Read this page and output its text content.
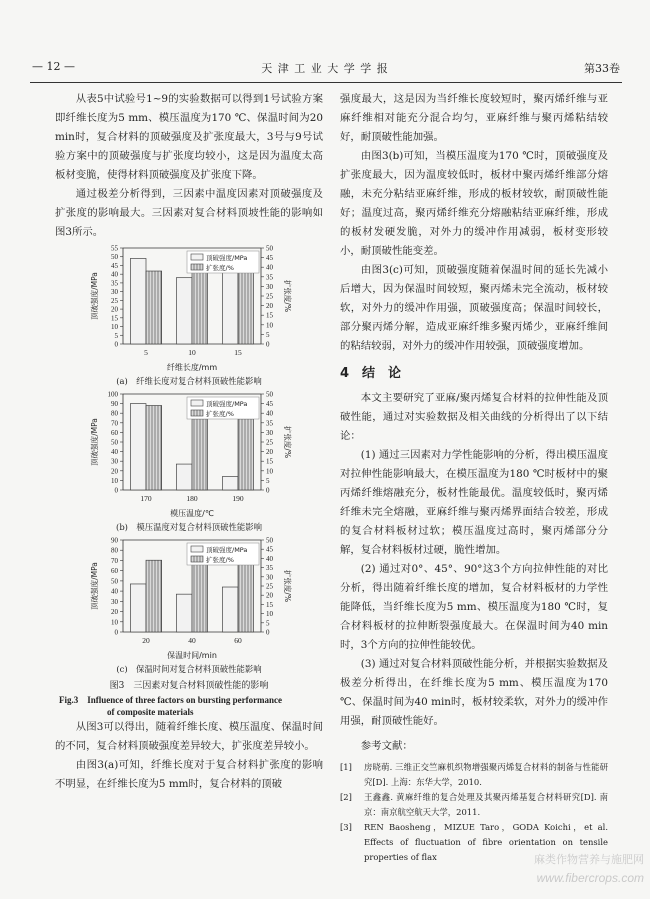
— 12 —	天 津 工 业 大 学 学 报	第33卷

从表5中试验号1~9的实验数据可以得到1号试验方案即纤维长度为5 mm、模压温度为170 ℃、保温时间为20 min时，复合材料的顶破强度及扩张度最大，3号与9号试验方案中的顶破强度与扩张度均较小，这是因为温度太高板材变脆，使得材料顶破强度及扩张度下降。

通过极差分析得到，三因素中温度因素对顶破强度及扩张度的影响最大。三因素对复合材料顶坡性能的影响如图3所示。

0
5
10
15
20
25
30
35
40
45
50
55
0
5
10
15
20
25
30
35
40
45
50
顶破强度/MPa	扩张度/%
纤维长度/mm
5	10	15
顶破强度/MPa
扩张度/%
(a)　纤维长度对复合材料顶破性能影响
0
10
20
30
40
50
60
70
80
90
100
0
5
10
15
20
25
30
35
40
45
50
顶破强度/MPa	扩张度/%
模压温度/℃
170	180	190
顶破强度/MPa
扩张度/%
(b)　模压温度对复合材料顶破性能影响
0
10
20
30
40
50
60
70
80
90
0
5
10
15
20
25
30
35
40
45
50
顶破强度/MPa	扩张度/%
保温时间/min
20	40	60
顶破强度/MPa
扩张度/%
(c)　保温时间对复合材料顶破性能影响
图3　三因素对复合材料顶破性能的影响
Fig.3　Influence of three factors on bursting performance
of composite materials

从图3可以得出，随着纤维长度、模压温度、保温时间的不同，复合材料顶破强度差异较大，扩张度差异较小。

由图3(a)可知，纤维长度对于复合材料扩张度的影响不明显，在纤维长度为5 mm时，复合材料的顶破

强度最大，这是因为当纤维长度较短时，聚丙烯纤维与亚麻纤维相对能充分混合均匀，亚麻纤维与聚丙烯粘结较好，耐顶破性能加强。

由图3(b)可知，当模压温度为170 ℃时，顶破强度及扩张度最大，因为温度较低时，板材中聚丙烯纤维部分熔融，未充分粘结亚麻纤维，形成的板材较软，耐顶破性能好；温度过高，聚丙烯纤维充分熔融粘结亚麻纤维，形成的板材发硬发脆，对外力的缓冲作用减弱，板材变形较小，耐顶破性能变差。

由图3(c)可知，顶破强度随着保温时间的延长先减小后增大，因为保温时间较短，聚丙烯未完全流动，板材较软，对外力的缓冲作用强，顶破强度高；保温时间较长，部分聚丙烯分解，造成亚麻纤维多聚丙烯少，亚麻纤维间的粘结较弱，对外力的缓冲作用较强，顶破强度增加。

4　结　论

本文主要研究了亚麻/聚丙烯复合材料的拉伸性能及顶破性能，通过对实验数据及相关曲线的分析得出了以下结论：

(1) 通过三因素对力学性能影响的分析，得出模压温度对拉伸性能影响最大，在模压温度为180 ℃时板材中的聚丙烯纤维熔融充分，板材性能最优。温度较低时，聚丙烯纤维未完全熔融，亚麻纤维与聚丙烯界面结合较差，形成的复合材料板材过软；模压温度过高时，聚丙烯部分分解，复合材料板材过硬，脆性增加。

(2) 通过对0°、45°、90°这3个方向拉伸性能的对比分析，得出随着纤维长度的增加，复合材料板材的力学性能降低，当纤维长度为5 mm、模压温度为180 ℃时，复合材料板材的拉伸断裂强度最大。在保温时间为40 min时，3个方向的拉伸性能较优。

(3) 通过对复合材料顶破性能分析，并根据实验数据及极差分析得出，在纤维长度为5 mm、模压温度为170 ℃、保温时间为40 min时，板材较柔软，对外力的缓冲作用强，耐顶破性能好。

参考文献：
[1]	房晓萌. 三维正交竺麻机织物增强聚丙烯复合材料的制备与性能研究[D]. 上海：东华大学，2010.
[2]	王鑫鑫. 黄麻纤维的复合处理及其聚丙烯基复合材料研究[D]. 南京：南京航空航天大学，2011.
[3]	REN Baosheng，MIZUE Taro，GODA Koichi，et al. Effects of fluctuation of fibre orientation on tensile properties of flax	麻类作物营养与施肥网
www.fibercrops.com
